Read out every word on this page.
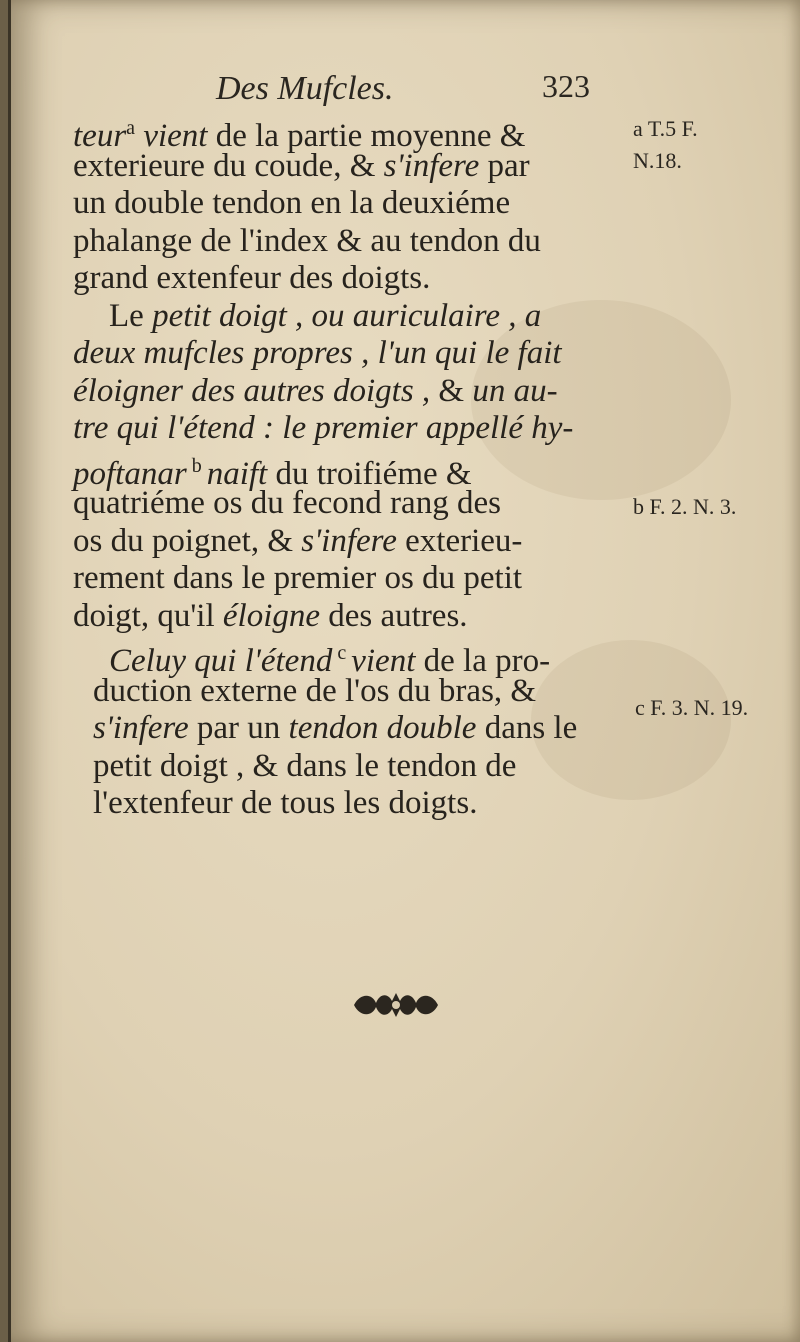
Des Mufcles.	323
teur$^a$ vient de la partie moyenne &
exterieure du coude, & s'infere par
un double tendon en la deuxiéme
phalange de l'index & au tendon du
grand extenfeur des doigts.
Le petit doigt , ou auriculaire , a
deux mufcles propres , l'un qui le fait
éloigner des autres doigts , & un au-
tre qui l'étend : le premier appellé hy-
poftanar $^b$ naift du troifiéme &
quatriéme os du fecond rang des
os du poignet, & s'infere exterieu-
rement dans le premier os du petit
doigt, qu'il éloigne des autres.
Celuy qui l'étend $^c$ vient de la pro-
duction externe de l'os du bras, &
s'infere par un tendon double dans le
petit doigt , & dans le tendon de
l'extenfeur de tous les doigts.
a T.5 F.
N.18.
b F. 2. N. 3.
c F. 3. N. 19.
